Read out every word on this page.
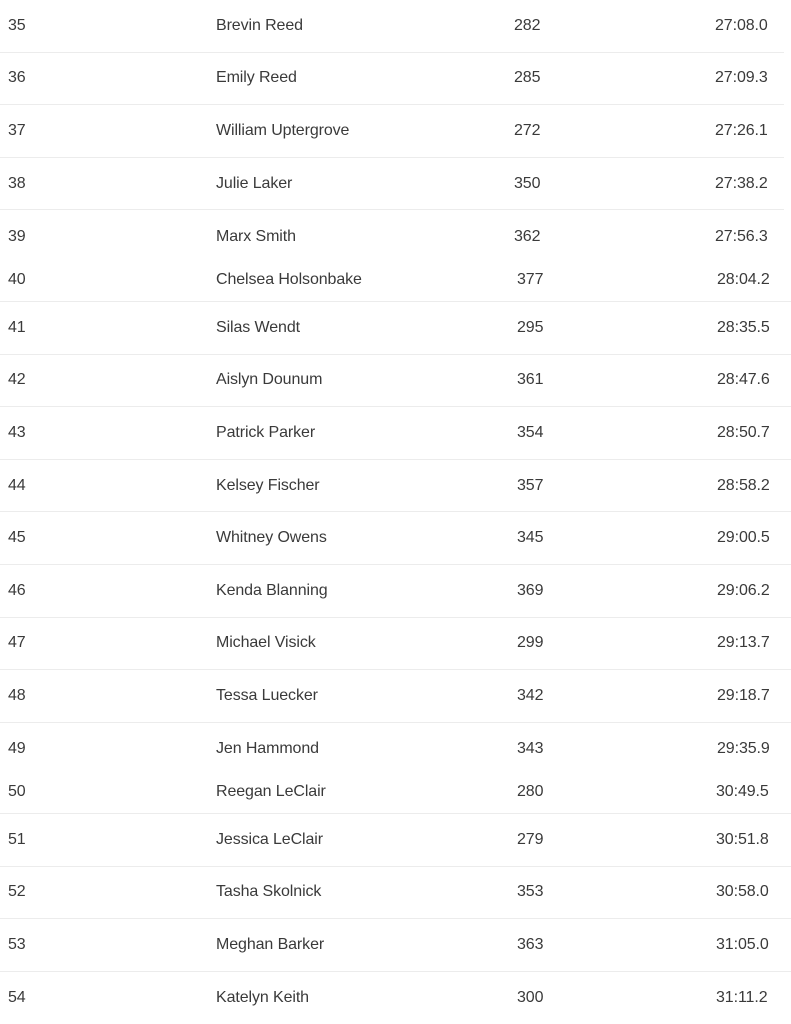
35	Brevin Reed	282	27:08.0
36	Emily Reed	285	27:09.3
37	William Uptergrove	272	27:26.1
38	Julie Laker	350	27:38.2
39	Marx Smith	362	27:56.3
40	Chelsea Holsonbake	377	28:04.2
41	Silas Wendt	295	28:35.5
42	Aislyn Dounum	361	28:47.6
43	Patrick Parker	354	28:50.7
44	Kelsey Fischer	357	28:58.2
45	Whitney Owens	345	29:00.5
46	Kenda Blanning	369	29:06.2
47	Michael Visick	299	29:13.7
48	Tessa Luecker	342	29:18.7
49	Jen Hammond	343	29:35.9
50	Reegan LeClair	280	30:49.5
51	Jessica LeClair	279	30:51.8
52	Tasha Skolnick	353	30:58.0
53	Meghan Barker	363	31:05.0
54	Katelyn Keith	300	31:11.2
